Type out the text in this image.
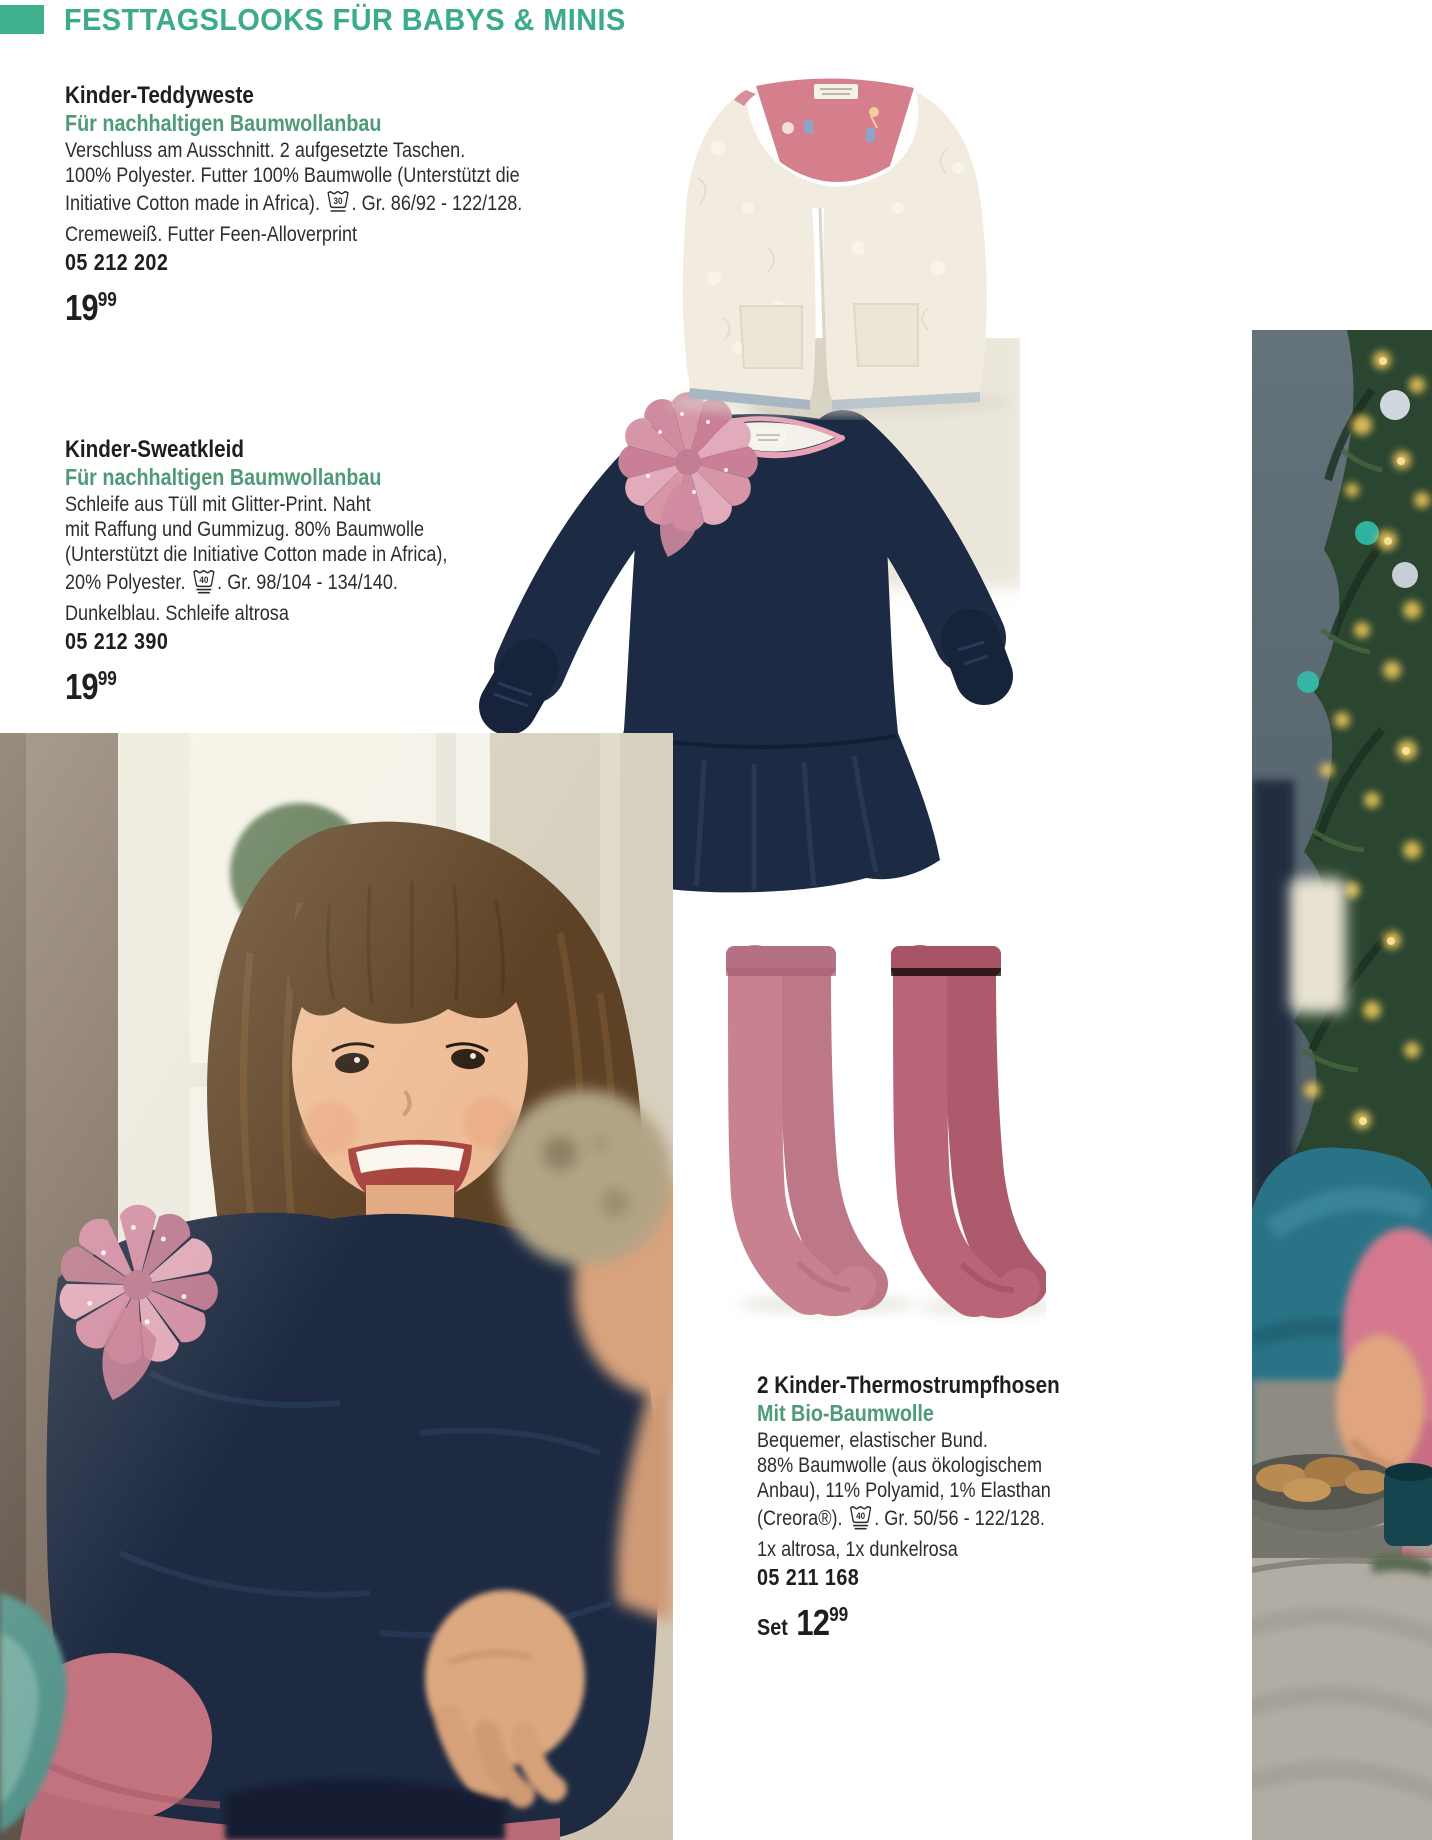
FESTTAGSLOOKS FÜR BABYS & MINIS
Kinder-Teddyweste
Für nachhaltigen Baumwollanbau
Verschluss am Ausschnitt. 2 aufgesetzte Taschen.
100% Polyester. Futter 100% Baumwolle (Unterstützt die
Initiative Cotton made in Africa). 30 . Gr. 86/92 - 122/128.
Cremeweiß. Futter Feen-Alloverprint
05 212 202
1999
Kinder-Sweatkleid
Für nachhaltigen Baumwollanbau
Schleife aus Tüll mit Glitter-Print. Naht
mit Raffung und Gummizug. 80% Baumwolle
(Unterstützt die Initiative Cotton made in Africa),
20% Polyester. 40 . Gr. 98/104 - 134/140.
Dunkelblau. Schleife altrosa
05 212 390
1999
2 Kinder-Thermostrumpfhosen
Mit Bio-Baumwolle
Bequemer, elastischer Bund.
88% Baumwolle (aus ökologischem
Anbau), 11% Polyamid, 1% Elasthan
(Creora®). 40 . Gr. 50/56 - 122/128.
1x altrosa, 1x dunkelrosa
05 211 168
Set 1299
